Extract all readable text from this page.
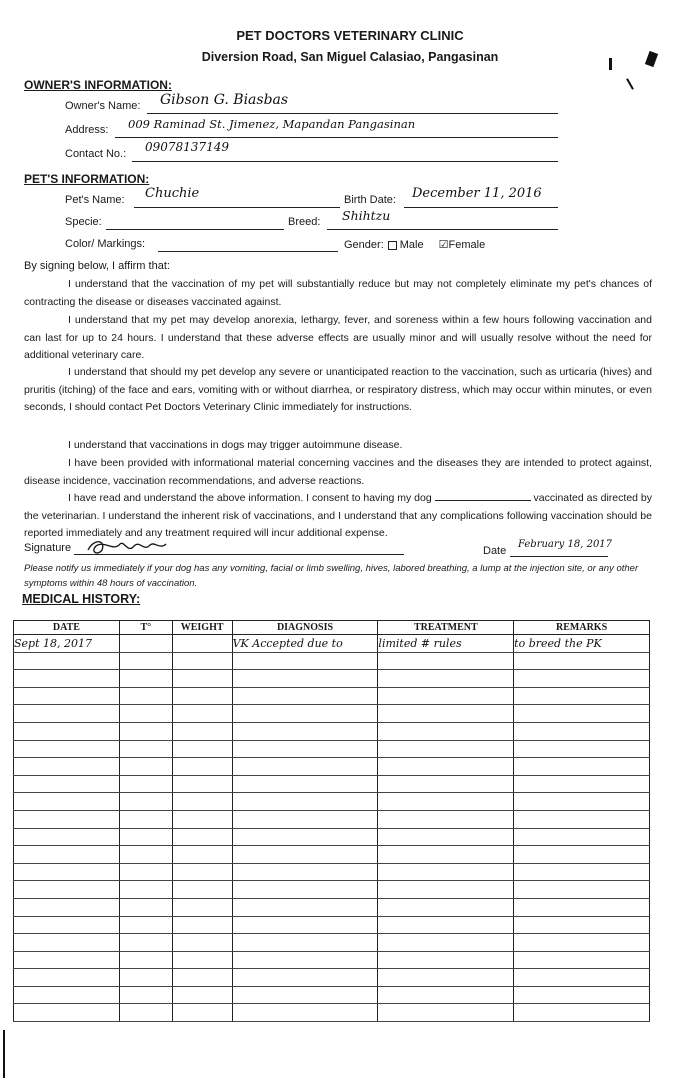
PET DOCTORS VETERINARY CLINIC
Diversion Road, San Miguel Calasiao, Pangasinan
OWNER'S INFORMATION:
Owner's Name: Gibson G. Biasbas
Address: 009 Raminad St. Jimenez, Mapandan Pangasinan
Contact No.: 09078137149
PET'S INFORMATION:
Pet's Name: Chuchie	Birth Date: December 11, 2016
Specie:	Breed: Shihtzu
Color/ Markings:	Gender: Male ☑Female
By signing below, I affirm that:
I understand that the vaccination of my pet will substantially reduce but may not completely eliminate my pet's chances of contracting the disease or diseases vaccinated against.
I understand that my pet may develop anorexia, lethargy, fever, and soreness within a few hours following vaccination and can last for up to 24 hours. I understand that these adverse effects are usually minor and will usually resolve without the need for additional veterinary care.
I understand that should my pet develop any severe or unanticipated reaction to the vaccination, such as urticaria (hives) and pruritis (itching) of the face and ears, vomiting with or without diarrhea, or respiratory distress, which may occur within minutes, or even seconds, I should contact Pet Doctors Veterinary Clinic immediately for instructions.
I understand that vaccinations in dogs may trigger autoimmune disease.
I have been provided with informational material concerning vaccines and the diseases they are intended to protect against, disease incidence, vaccination recommendations, and adverse reactions.
I have read and understand the above information. I consent to having my dog	vaccinated as directed by the veterinarian. I understand the inherent risk of vaccinations, and I understand that any complications following vaccination should be reported immediately and any treatment required will incur additional expense.
Signature	Date
February 18, 2017
Please notify us immediately if your dog has any vomiting, facial or limb swelling, hives, labored breathing, a lump at the injection site, or any other symptoms within 48 hours of vaccination.
MEDICAL HISTORY:
DATE	T°	WEIGHT	DIAGNOSIS	TREATMENT	REMARKS
Sept 18, 2017			VK Accepted due to	limited # rules	to breed the PK
